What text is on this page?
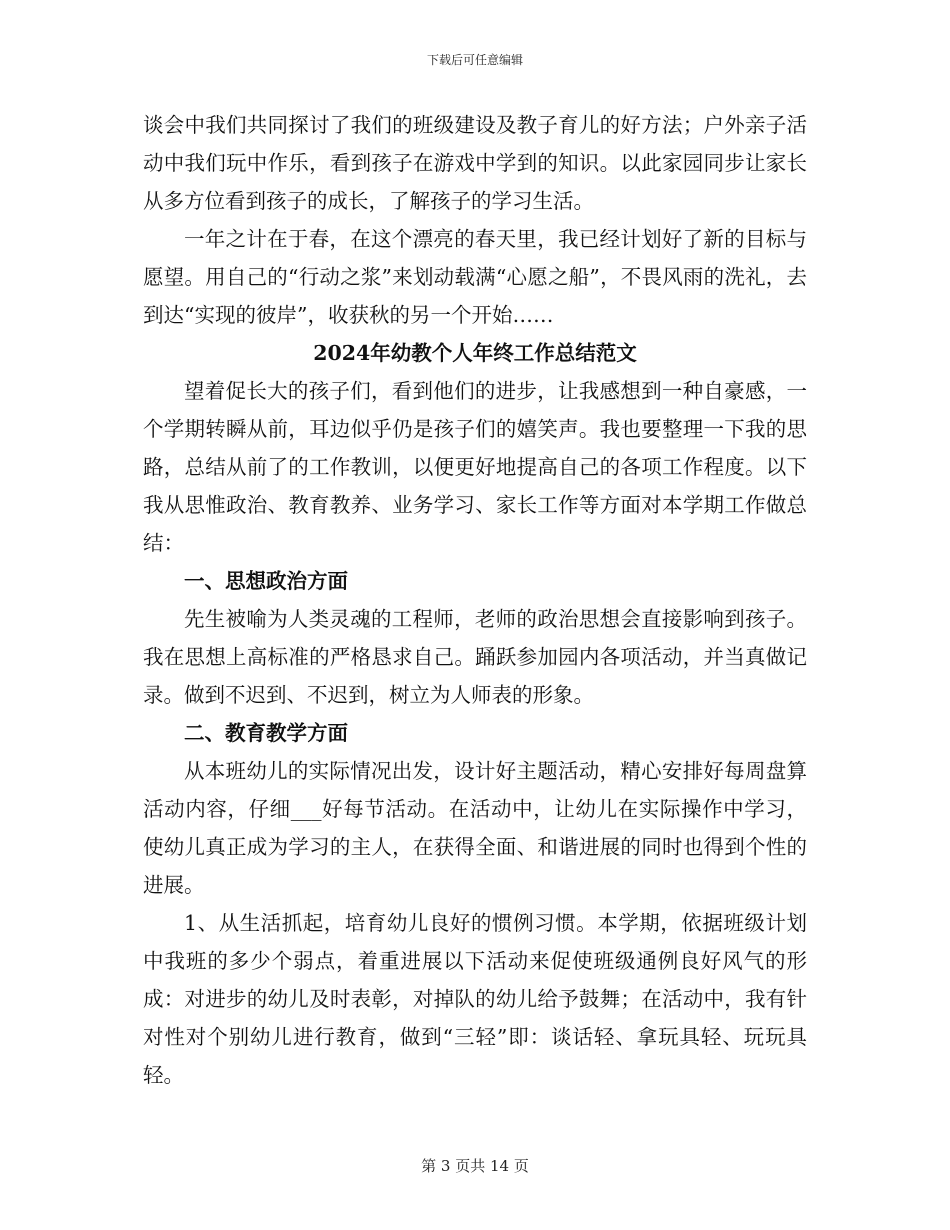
下载后可任意编辑

谈会中我们共同探讨了我们的班级建设及教子育儿的好方法；户外亲子活动中我们玩中作乐，看到孩子在游戏中学到的知识。以此家园同步让家长从多方位看到孩子的成长，了解孩子的学习生活。

一年之计在于春，在这个漂亮的春天里，我已经计划好了新的目标与愿望。用自己的“行动之浆”来划动载满“心愿之船”，不畏风雨的洗礼，去到达“实现的彼岸”，收获秋的另一个开始……

2024年幼教个人年终工作总结范文

望着促长大的孩子们，看到他们的进步，让我感想到一种自豪感，一个学期转瞬从前，耳边似乎仍是孩子们的嬉笑声。我也要整理一下我的思路，总结从前了的工作教训，以便更好地提高自己的各项工作程度。以下我从思惟政治、教育教养、业务学习、家长工作等方面对本学期工作做总结：

一、思想政治方面

先生被喻为人类灵魂的工程师，老师的政治思想会直接影响到孩子。我在思想上高标准的严格恳求自己。踊跃参加园内各项活动，并当真做记录。做到不迟到、不迟到，树立为人师表的形象。

二、教育教学方面

从本班幼儿的实际情况出发，设计好主题活动，精心安排好每周盘算活动内容，仔细___好每节活动。在活动中，让幼儿在实际操作中学习，使幼儿真正成为学习的主人，在获得全面、和谐进展的同时也得到个性的进展。

1、从生活抓起，培育幼儿良好的惯例习惯。本学期，依据班级计划中我班的多少个弱点，着重进展以下活动来促使班级通例良好风气的形成：对进步的幼儿及时表彰，对掉队的幼儿给予鼓舞；在活动中，我有针对性对个别幼儿进行教育，做到“三轻”即：谈话轻、拿玩具轻、玩玩具轻。

第 3 页共 14 页
